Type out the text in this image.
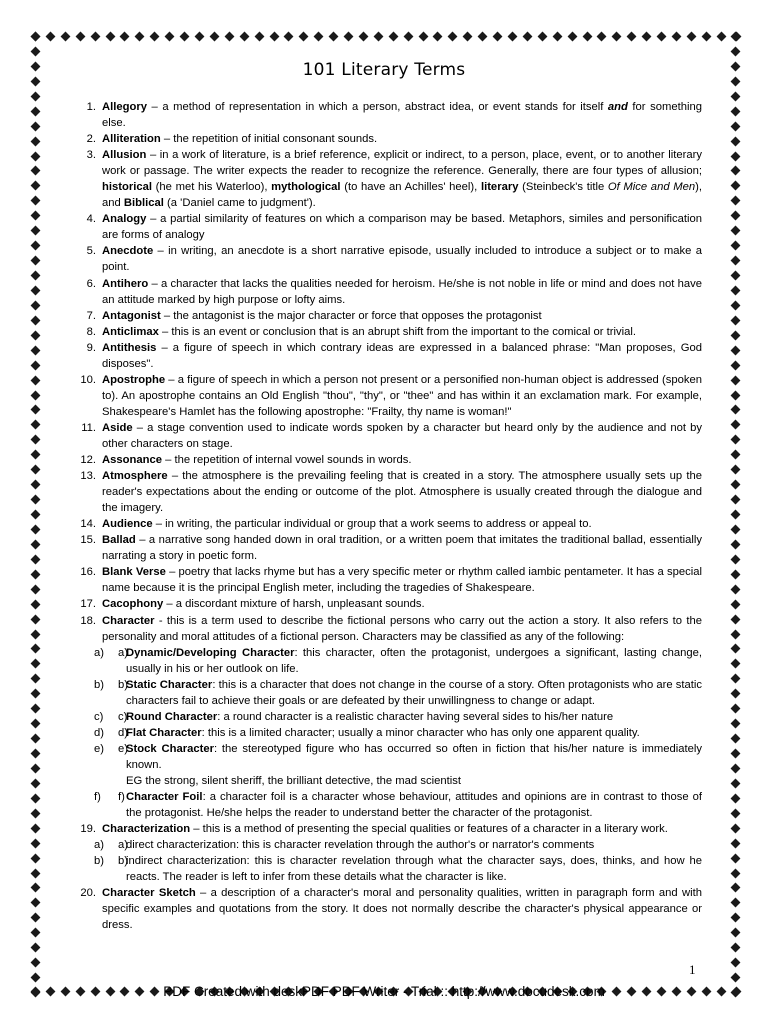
101 Literary Terms
1. Allegory – a method of representation in which a person, abstract idea, or event stands for itself and for something else.
2. Alliteration – the repetition of initial consonant sounds.
3. Allusion – in a work of literature, is a brief reference, explicit or indirect, to a person, place, event, or to another literary work or passage. The writer expects the reader to recognize the reference. Generally, there are four types of allusion; historical (he met his Waterloo), mythological (to have an Achilles' heel), literary (Steinbeck's title Of Mice and Men), and Biblical (a 'Daniel came to judgment').
4. Analogy – a partial similarity of features on which a comparison may be based. Metaphors, similes and personification are forms of analogy
5. Anecdote – in writing, an anecdote is a short narrative episode, usually included to introduce a subject or to make a point.
6. Antihero – a character that lacks the qualities needed for heroism. He/she is not noble in life or mind and does not have an attitude marked by high purpose or lofty aims.
7. Antagonist – the antagonist is the major character or force that opposes the protagonist
8. Anticlimax – this is an event or conclusion that is an abrupt shift from the important to the comical or trivial.
9. Antithesis – a figure of speech in which contrary ideas are expressed in a balanced phrase: "Man proposes, God disposes".
10. Apostrophe – a figure of speech in which a person not present or a personified non-human object is addressed (spoken to). An apostrophe contains an Old English "thou", "thy", or "thee" and has within it an exclamation mark. For example, Shakespeare's Hamlet has the following apostrophe: "Frailty, thy name is woman!"
11. Aside – a stage convention used to indicate words spoken by a character but heard only by the audience and not by other characters on stage.
12. Assonance – the repetition of internal vowel sounds in words.
13. Atmosphere – the atmosphere is the prevailing feeling that is created in a story. The atmosphere usually sets up the reader's expectations about the ending or outcome of the plot. Atmosphere is usually created through the dialogue and the imagery.
14. Audience – in writing, the particular individual or group that a work seems to address or appeal to.
15. Ballad – a narrative song handed down in oral tradition, or a written poem that imitates the traditional ballad, essentially narrating a story in poetic form.
16. Blank Verse – poetry that lacks rhyme but has a very specific meter or rhythm called iambic pentameter. It has a special name because it is the principal English meter, including the tragedies of Shakespeare.
17. Cacophony – a discordant mixture of harsh, unpleasant sounds.
18. Character - this is a term used to describe the fictional persons who carry out the action a story. It also refers to the personality and moral attitudes of a fictional person. Characters may be classified as any of the following:
a) a)
Dynamic/Developing Character: this character, often the protagonist, undergoes a significant, lasting change, usually in his or her outlook on life.
b) b)
Static Character: this is a character that does not change in the course of a story. Often protagonists who are static characters fail to achieve their goals or are defeated by their unwillingness to change or adapt.
c) c)
Round Character: a round character is a realistic character having several sides to his/her nature
d) d)
Flat Character: this is a limited character; usually a minor character who has only one apparent quality.
e) e)
Stock Character: the stereotyped figure who has occurred so often in fiction that his/her nature is immediately known.
EG the strong, silent sheriff, the brilliant detective, the mad scientist
f) f) Character Foil: a character foil is a character whose behaviour, attitudes and opinions are in contrast to those of the protagonist. He/she helps the reader to understand better the character of the protagonist.
19. Characterization – this is a method of presenting the special qualities or features of a character in a literary work.
a) a)
direct characterization: this is character revelation through the author's or narrator's comments
b) b)
indirect characterization: this is character revelation through what the character says, does, thinks, and how he reacts. The reader is left to infer from these details what the character is like.
20. Character Sketch – a description of a character's moral and personality qualities, written in paragraph form and with specific examples and quotations from the story. It does not normally describe the character's physical appearance or dress.
1
PDF Created with deskPDF PDF Writer - Trial :: http://www.docudesk.com
